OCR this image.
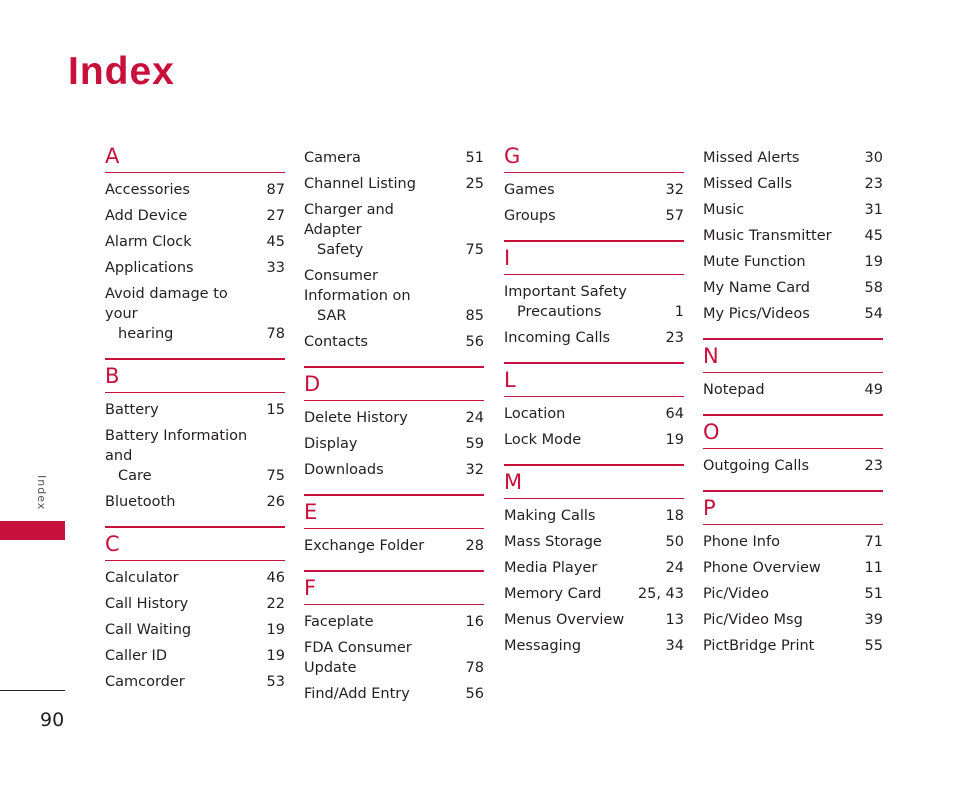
Index
A
Accessories	87
Add Device	27
Alarm Clock	45
Applications	33
Avoid damage to your
hearing	78
B
Battery	15
Battery Information and
Care	75
Bluetooth	26
C
Calculator	46
Call History	22
Call Waiting	19
Caller ID	19
Camcorder	53
Camera	51
Channel Listing	25
Charger and Adapter
Safety	75
Consumer Information on
SAR	85
Contacts	56
D
Delete History	24
Display	59
Downloads	32
E
Exchange Folder	28
F
Faceplate	16
FDA Consumer Update	78
Find/Add Entry	56
G
Games	32
Groups	57
I
Important Safety
Precautions	1
Incoming Calls	23
L
Location	64
Lock Mode	19
M
Making Calls	18
Mass Storage	50
Media Player	24
Memory Card	25, 43
Menus Overview	13
Messaging	34
Missed Alerts	30
Missed Calls	23
Music	31
Music Transmitter	45
Mute Function	19
My Name Card	58
My Pics/Videos	54
N
Notepad	49
O
Outgoing Calls	23
P
Phone Info	71
Phone Overview	11
Pic/Video	51
Pic/Video Msg	39
PictBridge Print	55
Index
90
